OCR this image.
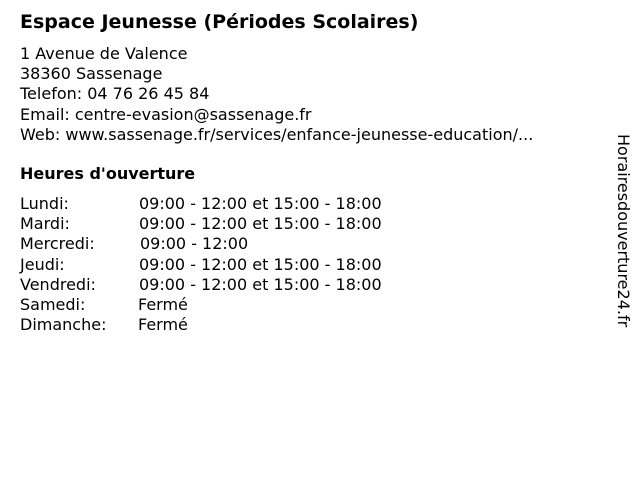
Espace Jeunesse (Périodes Scolaires)
1 Avenue de Valence
38360 Sassenage
Telefon: 04 76 26 45 84
Email: centre-evasion@sassenage.fr
Web: www.sassenage.fr/services/enfance-jeunesse-education/...
Heures d'ouverture
Lundi:	09:00 - 12:00 et 15:00 - 18:00
Mardi:	09:00 - 12:00 et 15:00 - 18:00
Mercredi:	09:00 - 12:00
Jeudi:	09:00 - 12:00 et 15:00 - 18:00
Vendredi:	09:00 - 12:00 et 15:00 - 18:00
Samedi:	Fermé
Dimanche: Fermé	Horairesdouverture24.fr
